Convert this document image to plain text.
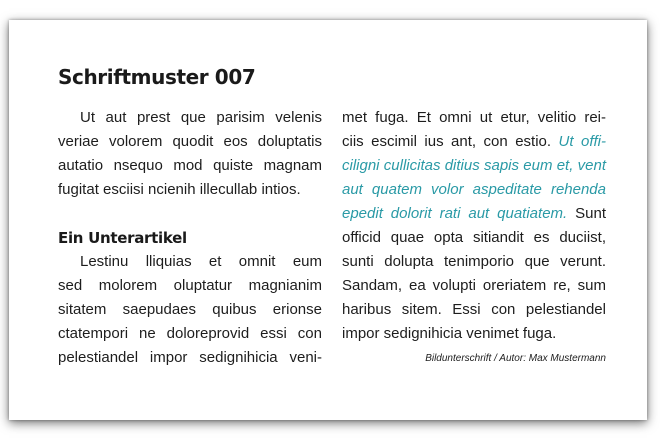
Schriftmuster 007
Ut aut prest que parisim velenis
veriae volorem quodit eos doluptatis
autatio nsequo mod quiste magnam
fugitat esciisi ncienih illecullab intios.
Ein Unterartikel
Lestinu lliquias et omnit eum
sed molorem oluptatur magnianim
sitatem saepudaes quibus erionse
ctatempori ne doloreprovid essi con
pelestiandel impor sedignihicia veni-
met fuga. Et omni ut etur, velitio rei-
ciis escimil ius ant, con estio. Ut offi-
ciligni cullicitas ditius sapis eum et, vent
aut quatem volor aspeditate rehenda
epedit dolorit rati aut quatiatem. Sunt
officid quae opta sitiandit es duciist,
sunti dolupta tenimporio que verunt.
Sandam, ea volupti oreriatem re, sum
haribus sitem. Essi con pelestiandel
impor sedignihicia venimet fuga.
Bildunterschrift / Autor: Max Mustermann
